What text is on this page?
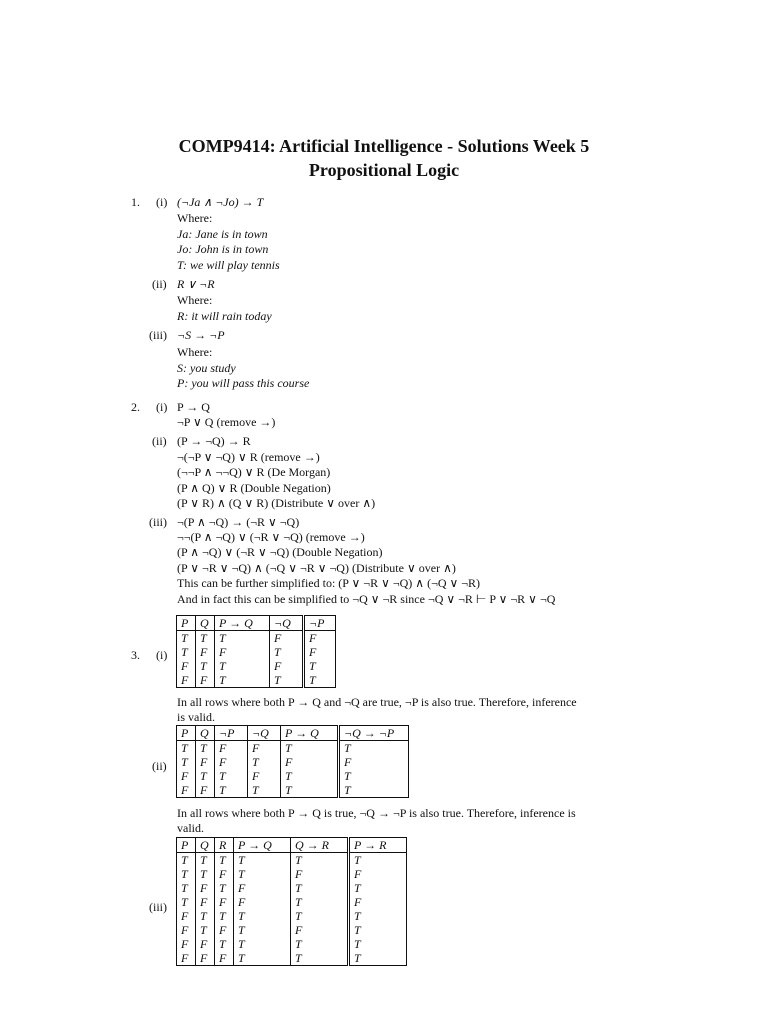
COMP9414: Artificial Intelligence - Solutions Week 5
Propositional Logic
1. (i) (¬Ja ∧ ¬Jo) → T
Where:
Ja: Jane is in town
Jo: John is in town
T: we will play tennis
(ii) R ∨ ¬R
Where:
R: it will rain today
(iii) ¬S → ¬P
Where:
S: you study
P: you will pass this course
2. (i) P → Q
¬P ∨ Q (remove →)
(ii) (P → ¬Q) → R
¬(¬P ∨ ¬Q) ∨ R (remove →)
(¬¬P ∧ ¬¬Q) ∨ R (De Morgan)
(P ∧ Q) ∨ R (Double Negation)
(P ∨ R) ∧ (Q ∨ R) (Distribute ∨ over ∧)
(iii) ¬(P ∧ ¬Q) → (¬R ∨ ¬Q)
¬¬(P ∧ ¬Q) ∨ (¬R ∨ ¬Q) (remove →)
(P ∧ ¬Q) ∨ (¬R ∨ ¬Q) (Double Negation)
(P ∨ ¬R ∨ ¬Q) ∧ (¬Q ∨ ¬R ∨ ¬Q) (Distribute ∨ over ∧)
This can be further simplified to: (P ∨ ¬R ∨ ¬Q) ∧ (¬Q ∨ ¬R)
And in fact this can be simplified to ¬Q ∨ ¬R since ¬Q ∨ ¬R ⊢ P ∨ ¬R ∨ ¬Q
3. (i)
P	Q	P → Q	¬Q	¬P
T	T	T	F	F
T	F	F	T	F
F	T	T	F	T
F	F	T	T	T
In all rows where both P → Q and ¬Q are true, ¬P is also true. Therefore, inference
is valid.
(ii)
P	Q	¬P	¬Q	P → Q	¬Q → ¬P
T	T	F	F	T	T
T	F	F	T	F	F
F	T	T	F	T	T
F	F	T	T	T	T
In all rows where both P → Q is true, ¬Q → ¬P is also true. Therefore, inference is
valid.
(iii)
P	Q	R	P → Q	Q → R	P → R
T	T	T	T	T	T
T	T	F	T	F	F
T	F	T	F	T	T
T	F	F	F	T	F
F	T	T	T	T	T
F	T	F	T	F	T
F	F	T	T	T	T
F	F	F	T	T	T
